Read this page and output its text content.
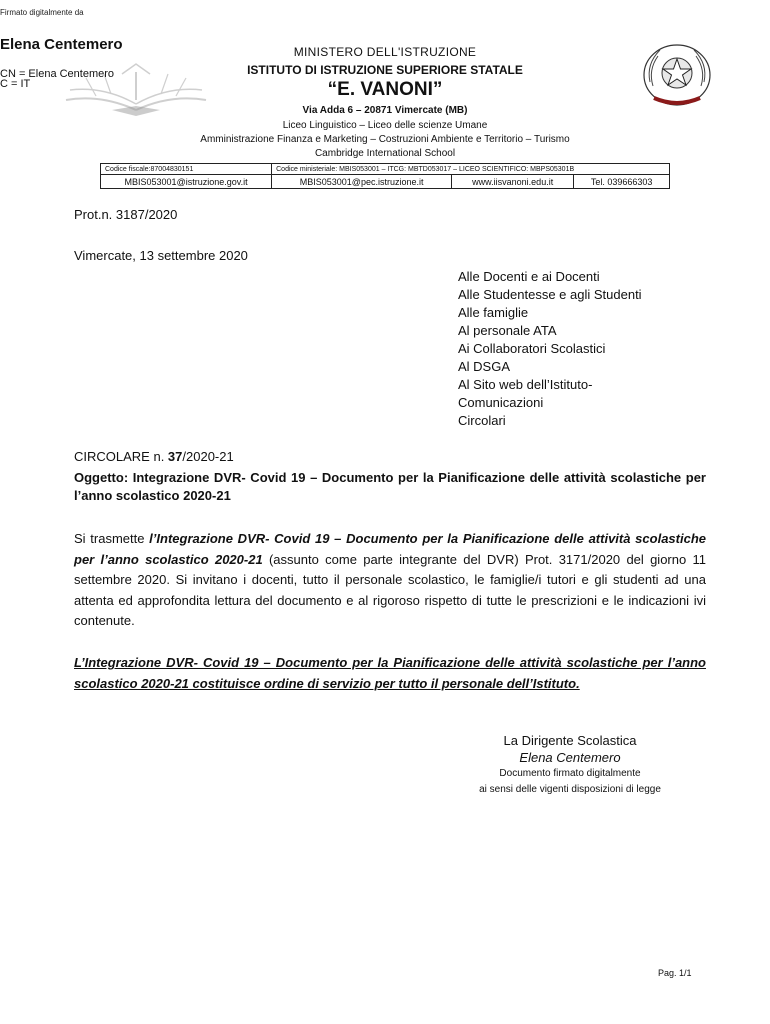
Firmato digitalmente da
Elena Centemero
CN = Elena Centemero
C = IT
MINISTERO DELL'ISTRUZIONE
ISTITUTO DI ISTRUZIONE SUPERIORE STATALE
“E. VANONI”
Via Adda 6 – 20871 Vimercate (MB)
Liceo Linguistico – Liceo delle scienze Umane
Amministrazione Finanza e Marketing – Costruzioni Ambiente e Territorio – Turismo
Cambridge International School
Codice fiscale:87004830151	Codice ministeriale: MBIS053001 – ITCG: MBTD053017 – LICEO SCIENTIFICO: MBPS05301B		
MBIS053001@istruzione.gov.it	MBIS053001@pec.istruzione.it	www.iisvanoni.edu.it	Tel. 039666303
Prot.n. 3187/2020
Vimercate, 13 settembre 2020
Alle Docenti e ai Docenti
Alle Studentesse e agli Studenti
Alle famiglie
Al personale ATA
Ai Collaboratori Scolastici
Al DSGA
Al Sito web dell’Istituto-
Comunicazioni
Circolari
CIRCOLARE n. 37/2020-21
Oggetto: Integrazione DVR- Covid 19 – Documento per la Pianificazione delle attività scolastiche per l’anno scolastico 2020-21
Si trasmette l’Integrazione DVR- Covid 19 – Documento per la Pianificazione delle attività scolastiche per l’anno scolastico 2020-21 (assunto come parte integrante del DVR) Prot. 3171/2020 del giorno 11 settembre 2020. Si invitano i docenti, tutto il personale scolastico, le famiglie/i tutori e gli studenti ad una attenta ed approfondita lettura del documento e al rigoroso rispetto di tutte le prescrizioni e le indicazioni ivi contenute.
L’Integrazione DVR- Covid 19 – Documento per la Pianificazione delle attività scolastiche per l’anno scolastico 2020-21 costituisce ordine di servizio per tutto il personale dell’Istituto.
La Dirigente Scolastica
Elena Centemero
Documento firmato digitalmente
ai sensi delle vigenti disposizioni di legge
Pag. 1/1
